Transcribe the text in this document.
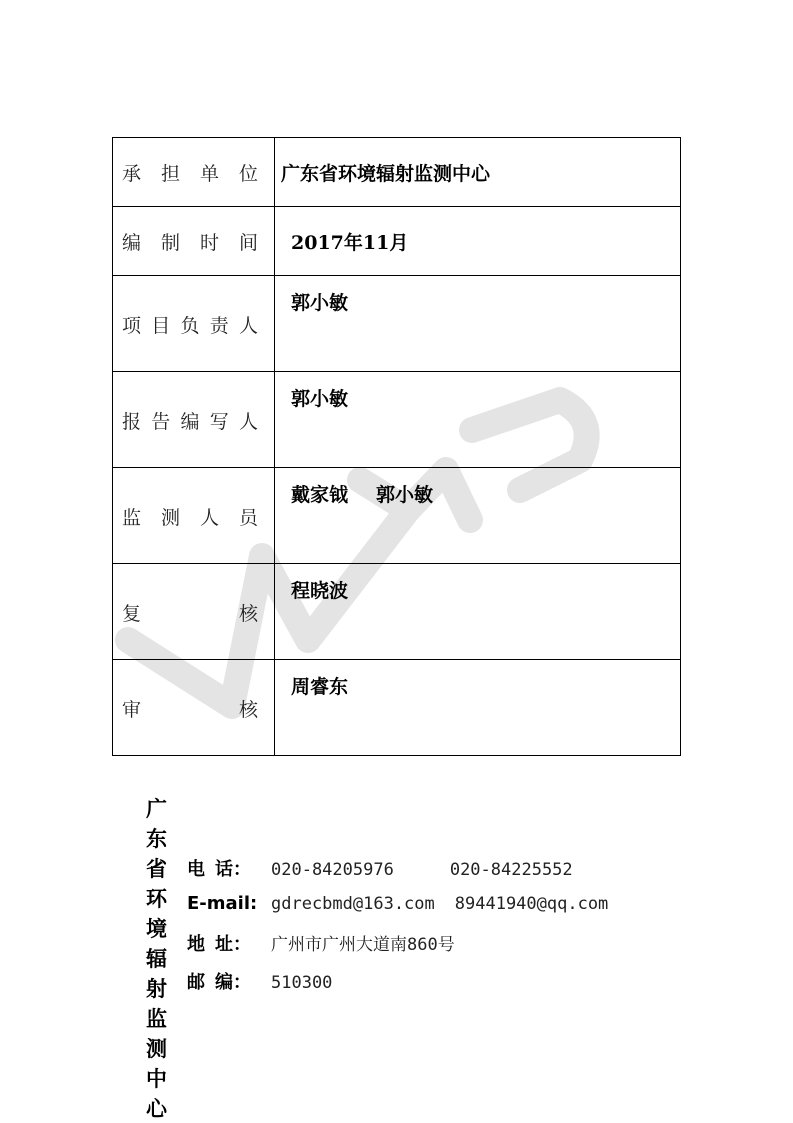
承 担 单 位	广东省环境辐射监测中心

编 制 时 间	2017年11月

项 目 负 责 人	郭小敏

报 告 编 写 人	郭小敏

监 测 人 员	戴家钺 郭小敏

复 核	程晓波

审 核	周睿东
广东省环境辐射监测中心
电 话： 020-84205976	020-84225552
E-mail: gdrecbmd@163.com 89441940@qq.com
地 址： 广州市广州大道南860号
邮 编： 510300
